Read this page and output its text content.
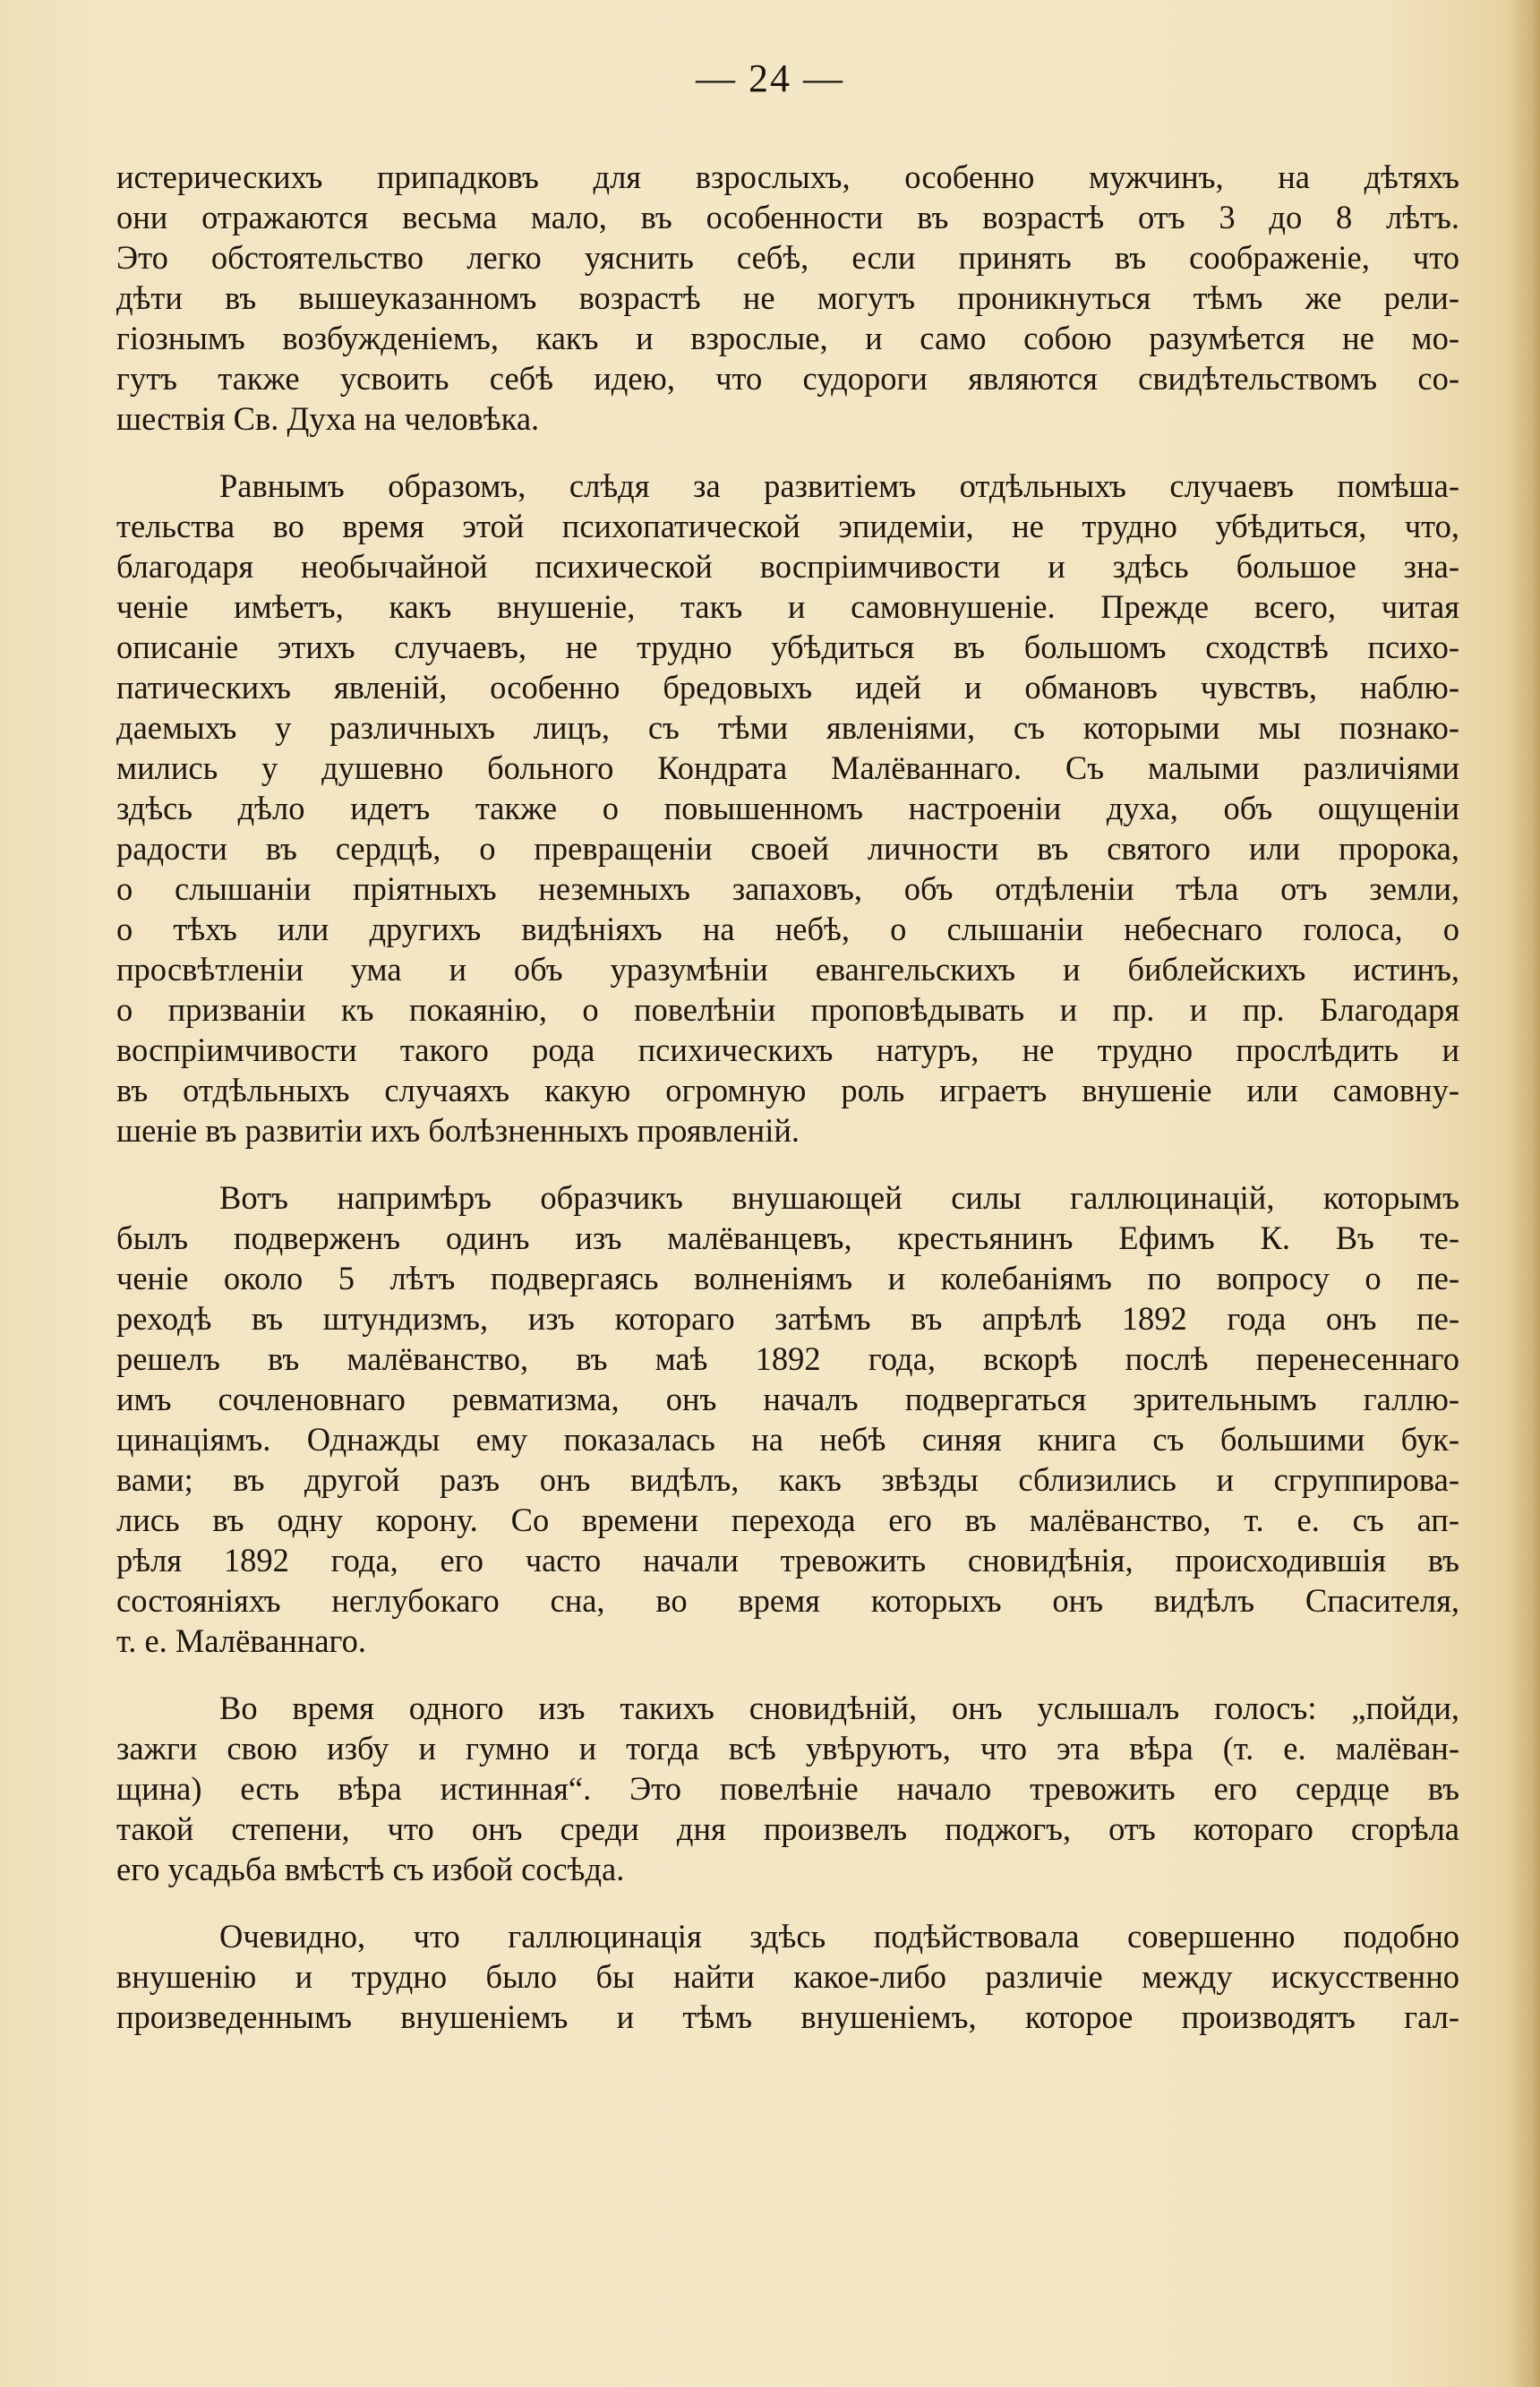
— 24 —
истерическихъ припадковъ для взрослыхъ, особенно мужчинъ, на дѣтяхъ
они отражаются весьма мало, въ особенности въ возрастѣ отъ 3 до 8 лѣтъ.
Это обстоятельство легко уяснить себѣ, если принять въ соображенiе, что
дѣти въ вышеуказанномъ возрастѣ не могутъ проникнуться тѣмъ же рели-
гiознымъ возбужденiемъ, какъ и взрослые, и само собою разумѣется не мо-
гутъ также усвоить себѣ идею, что судороги являются свидѣтельствомъ со-
шествiя Св. Духа на человѣка.
Равнымъ образомъ, слѣдя за развитiемъ отдѣльныхъ случаевъ помѣша-
тельства во время этой психопатической эпидемiи, не трудно убѣдиться, что,
благодаря необычайной психической воспрiимчивости и здѣсь большое зна-
ченiе имѣетъ, какъ внушенiе, такъ и самовнушенiе. Прежде всего, читая
описанiе этихъ случаевъ, не трудно убѣдиться въ большомъ сходствѣ психо-
патическихъ явленiй, особенно бредовыхъ идей и обмановъ чувствъ, наблю-
даемыхъ у различныхъ лицъ, съ тѣми явленiями, съ которыми мы познако-
мились у душевно больного Кондрата Малёваннаго. Съ малыми различiями
здѣсь дѣло идетъ также о повышенномъ настроенiи духа, объ ощущенiи
радости въ сердцѣ, о превращенiи своей личности въ святого или пророка,
о слышанiи прiятныхъ неземныхъ запаховъ, объ отдѣленiи тѣла отъ земли,
о тѣхъ или другихъ видѣнiяхъ на небѣ, о слышанiи небеснаго голоса, о
просвѣтленiи ума и объ уразумѣнiи евангельскихъ и библейскихъ истинъ,
о призванiи къ покаянiю, о повелѣнiи проповѣдывать и пр. и пр. Благодаря
воспрiимчивости такого рода психическихъ натуръ, не трудно прослѣдить и
въ отдѣльныхъ случаяхъ какую огромную роль играетъ внушенiе или самовну-
шенiе въ развитiи ихъ болѣзненныхъ проявленiй.
Вотъ напримѣръ образчикъ внушающей силы галлюцинацiй, которымъ
былъ подверженъ одинъ изъ малёванцевъ, крестьянинъ Ефимъ К. Въ те-
ченiе около 5 лѣтъ подвергаясь волненiямъ и колебанiямъ по вопросу о пе-
реходѣ въ штундизмъ, изъ котораго затѣмъ въ апрѣлѣ 1892 года онъ пе-
решелъ въ малёванство, въ маѣ 1892 года, вскорѣ послѣ перенесеннаго
имъ сочленовнаго ревматизма, онъ началъ подвергаться зрительнымъ галлю-
цинацiямъ. Однажды ему показалась на небѣ синяя книга съ большими бук-
вами; въ другой разъ онъ видѣлъ, какъ звѣзды сблизились и сгруппирова-
лись въ одну корону. Со времени перехода его въ малёванство, т. е. съ ап-
рѣля 1892 года, его часто начали тревожить сновидѣнiя, происходившiя въ
состоянiяхъ неглубокаго сна, во время которыхъ онъ видѣлъ Спасителя,
т. е. Малёваннаго.
Во время одного изъ такихъ сновидѣнiй, онъ услышалъ голосъ: „пойди,
зажги свою избу и гумно и тогда всѣ увѣруютъ, что эта вѣра (т. е. малёван-
щина) есть вѣра истинная“. Это повелѣнiе начало тревожить его сердце въ
такой степени, что онъ среди дня произвелъ поджогъ, отъ котораго сгорѣла
его усадьба вмѣстѣ съ избой сосѣда.
Очевидно, что галлюцинацiя здѣсь подѣйствовала совершенно подобно
внушенiю и трудно было бы найти какое-либо различiе между искусственно
произведеннымъ внушенiемъ и тѣмъ внушенiемъ, которое производятъ гал-
